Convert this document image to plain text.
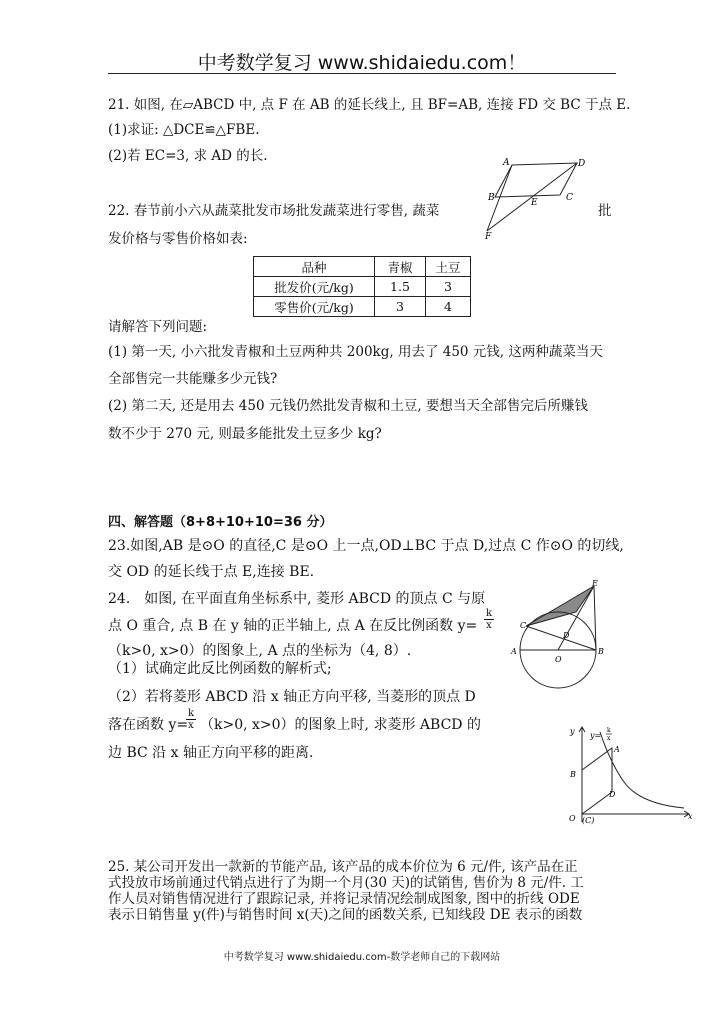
中考数学复习 www.shidaiedu.com！
21. 如图, 在▱ABCD 中, 点 F 在 AB 的延长线上, 且 BF=AB, 连接 FD 交 BC 于点 E.
(1)求证: △DCE≌△FBE.
(2)若 EC=3, 求 AD 的长.	A	D
B	C
E
F
22. 春节前小六从蔬菜批发市场批发蔬菜进行零售, 蔬菜	批
发价格与零售价格如表:
品种	青椒	土豆
批发价(元/kg)	1.5	3
零售价(元/kg)	3	4
请解答下列问题:
(1) 第一天, 小六批发青椒和土豆两种共 200kg, 用去了 450 元钱, 这两种蔬菜当天
全部售完一共能赚多少元钱?
(2) 第二天, 还是用去 450 元钱仍然批发青椒和土豆, 要想当天全部售完后所赚钱
数不少于 270 元, 则最多能批发土豆多少 kg?
四、解答题（8+8+10+10=36 分）
23.如图,AB 是⊙O 的直径,C 是⊙O 上一点,OD⊥BC 于点 D,过点 C 作⊙O 的切线,
交 OD 的延长线于点 E,连接 BE.
24． 如图, 在平面直角坐标系中, 菱形 ABCD 的顶点 C 与原
点 O 重合, 点 B 在 y 轴的正半轴上, 点 A 在反比例函数 $y= \frac{k}{x}$
（k>0, x>0）的图象上, A 点的坐标为（4, 8）.
（1）试确定此反比例函数的解析式;
（2）若将菱形 ABCD 沿 x 轴正方向平移, 当菱形的顶点 D
落在函数 y=
$\frac{k}{x} (k>0$, x>0）的图象上时, 求菱形 ABCD 的
边 BC 沿 x 轴正方向平移的距离.
E
C
D
A	B
O
y
x
y=
k
x
A
B
D
O (C)
25. 某公司开发出一款新的节能产品, 该产品的成本价位为 6 元/件, 该产品在正
式投放市场前通过代销点进行了为期一个月(30 天)的试销售, 售价为 8 元/件. 工
作人员对销售情况进行了跟踪记录, 并将记录情况绘制成图象, 图中的折线 ODE
表示日销售量 y(件)与销售时间 x(天)之间的函数关系, 已知线段 DE 表示的函数
中考数学复习 www.shidaiedu.com-数学老师自己的下载网站
